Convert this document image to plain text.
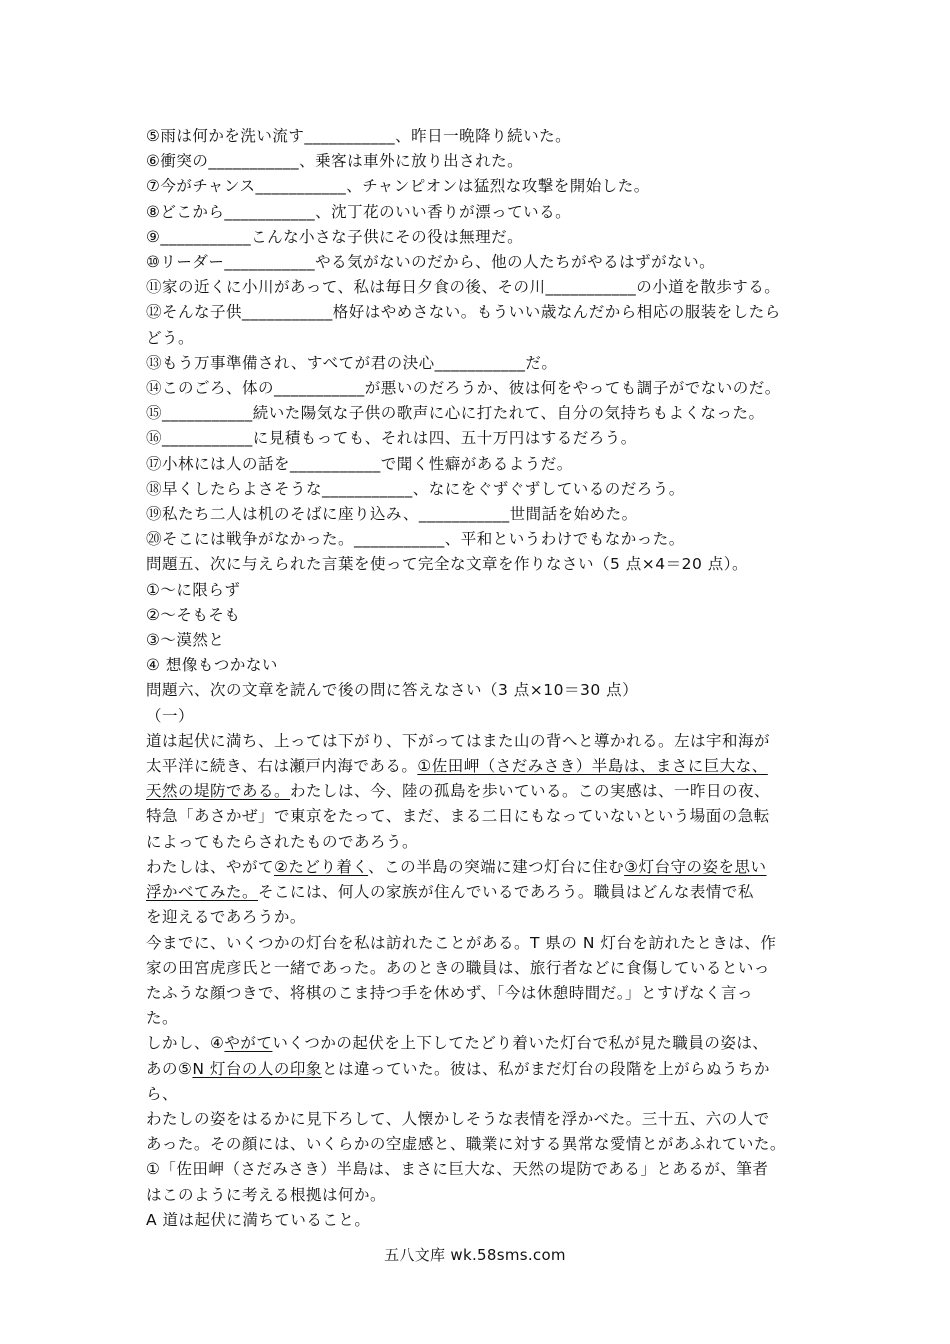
⑤雨は何かを洗い流す___________、昨日一晩降り続いた。
⑥衝突の___________、乗客は車外に放り出された。
⑦今がチャンス___________、チャンピオンは猛烈な攻撃を開始した。
⑧どこから___________、沈丁花のいい香りが漂っている。
⑨___________こんな小さな子供にその役は無理だ。
⑩リーダー___________やる気がないのだから、他の人たちがやるはずがない。
⑪家の近くに小川があって、私は毎日夕食の後、その川___________の小道を散歩する。
⑫そんな子供___________格好はやめさない。もういい歳なんだから相応の服装をしたら
どう。
⑬もう万事準備され、すべてが君の決心___________だ。
⑭このごろ、体の___________が悪いのだろうか、彼は何をやっても調子がでないのだ。
⑮___________続いた陽気な子供の歌声に心に打たれて、自分の気持ちもよくなった。
⑯___________に見積もっても、それは四、五十万円はするだろう。
⑰小林には人の話を___________で聞く性癖があるようだ。
⑱早くしたらよさそうな___________、なにをぐずぐずしているのだろう。
⑲私たち二人は机のそばに座り込み、___________世間話を始めた。
⑳そこには戦争がなかった。___________、平和というわけでもなかった。
問題五、次に与えられた言葉を使って完全な文章を作りなさい（5 点×4＝20 点）。
①～に限らず
②～そもそも
③～漠然と
④ 想像もつかない
問題六、次の文章を読んで後の問に答えなさい（3 点×10＝30 点）
（一）
道は起伏に満ち、上っては下がり、下がってはまた山の背へと導かれる。左は宇和海が
太平洋に続き、右は瀬戸内海である。①佐田岬（さだみさき）半島は、まさに巨大な、
天然の堤防である。わたしは、今、陸の孤島を歩いている。この実感は、一昨日の夜、
特急「あさかぜ」で東京をたって、まだ、まる二日にもなっていないという場面の急転
によってもたらされたものであろう。
わたしは、やがて②たどり着く、この半島の突端に建つ灯台に住む③灯台守の姿を思い
浮かべてみた。そこには、何人の家族が住んでいるであろう。職員はどんな表情で私
を迎えるであろうか。
今までに、いくつかの灯台を私は訪れたことがある。T 県の N 灯台を訪れたときは、作
家の田宮虎彦氏と一緒であった。あのときの職員は、旅行者などに食傷しているといっ
たふうな顔つきで、将棋のこま持つ手を休めず、「今は休憩時間だ。」とすげなく言っ
た。
しかし、④やがていくつかの起伏を上下してたどり着いた灯台で私が見た職員の姿は、
あの⑤N 灯台の人の印象とは違っていた。彼は、私がまだ灯台の段階を上がらぬうちか
ら、
わたしの姿をはるかに見下ろして、人懐かしそうな表情を浮かべた。三十五、六の人で
あった。その顔には、いくらかの空虚感と、職業に対する異常な愛情とがあふれていた。
①「佐田岬（さだみさき）半島は、まさに巨大な、天然の堤防である」とあるが、筆者
はこのように考える根拠は何か。
A 道は起伏に満ちていること。
五八文库 wk.58sms.com
